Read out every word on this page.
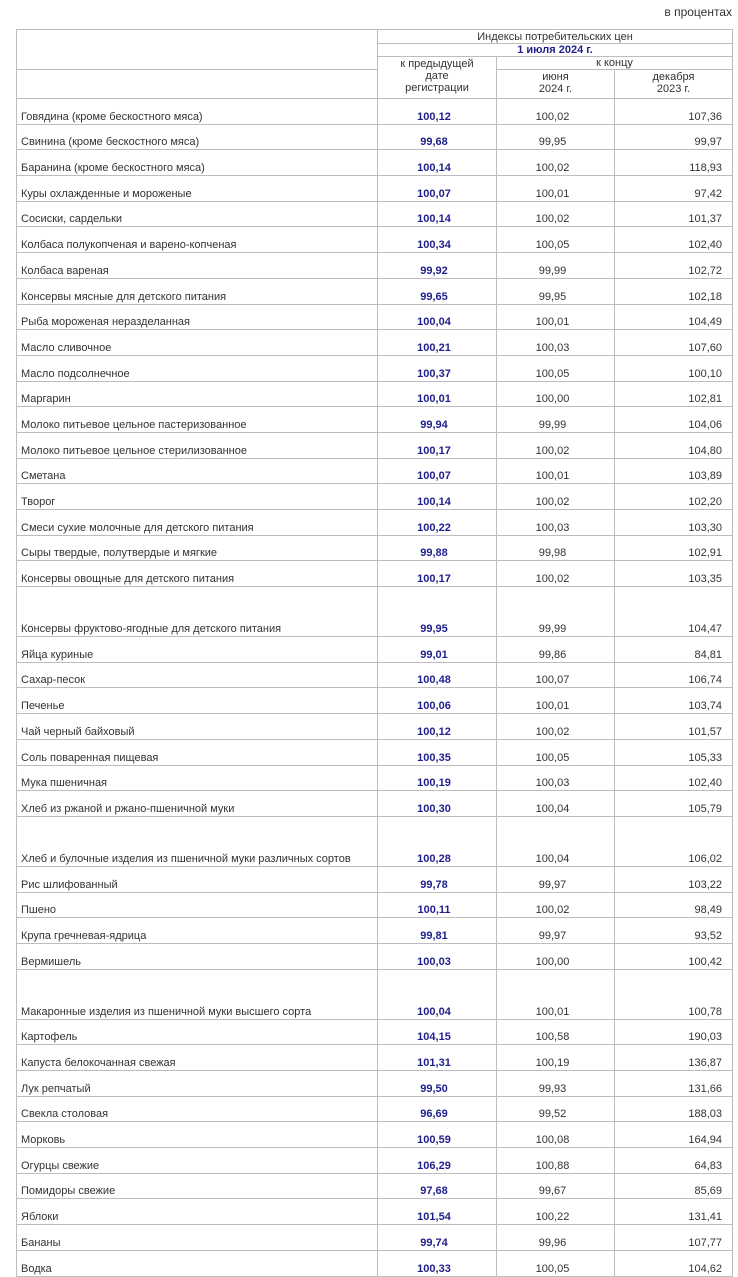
в процентах
	Индексы потребительских цен		
	1 июля 2024 г.		
	к предыдущей дате регистрации	к концу	
		июня 2024 г.	декабря 2023 г.
Говядина (кроме бескостного мяса)	100,12	100,02	107,36
Свинина (кроме бескостного мяса)	99,68	99,95	99,97
Баранина (кроме бескостного мяса)	100,14	100,02	118,93
Куры охлажденные и мороженые	100,07	100,01	97,42
Сосиски, сардельки	100,14	100,02	101,37
Колбаса полукопченая и варено-копченая	100,34	100,05	102,40
Колбаса вареная	99,92	99,99	102,72
Консервы мясные для детского питания	99,65	99,95	102,18
Рыба мороженая неразделанная	100,04	100,01	104,49
Масло сливочное	100,21	100,03	107,60
Масло подсолнечное	100,37	100,05	100,10
Маргарин	100,01	100,00	102,81
Молоко питьевое цельное пастеризованное	99,94	99,99	104,06
Молоко питьевое цельное стерилизованное	100,17	100,02	104,80
Сметана	100,07	100,01	103,89
Творог	100,14	100,02	102,20
Смеси сухие молочные для детского питания	100,22	100,03	103,30
Сыры твердые, полутвердые и мягкие	99,88	99,98	102,91
Консервы овощные для детского питания	100,17	100,02	103,35
Консервы фруктово-ягодные для детского питания	99,95	99,99	104,47
Яйца куриные	99,01	99,86	84,81
Сахар-песок	100,48	100,07	106,74
Печенье	100,06	100,01	103,74
Чай черный байховый	100,12	100,02	101,57
Соль поваренная пищевая	100,35	100,05	105,33
Мука пшеничная	100,19	100,03	102,40
Хлеб из ржаной и ржано-пшеничной муки	100,30	100,04	105,79
Хлеб и булочные изделия из пшеничной муки различных сортов	100,28	100,04	106,02
Рис шлифованный	99,78	99,97	103,22
Пшено	100,11	100,02	98,49
Крупа гречневая-ядрица	99,81	99,97	93,52
Вермишель	100,03	100,00	100,42
Макаронные изделия из пшеничной муки высшего сорта	100,04	100,01	100,78
Картофель	104,15	100,58	190,03
Капуста белокочанная свежая	101,31	100,19	136,87
Лук репчатый	99,50	99,93	131,66
Свекла столовая	96,69	99,52	188,03
Морковь	100,59	100,08	164,94
Огурцы свежие	106,29	100,88	64,83
Помидоры свежие	97,68	99,67	85,69
Яблоки	101,54	100,22	131,41
Бананы	99,74	99,96	107,77
Водка	100,33	100,05	104,62
